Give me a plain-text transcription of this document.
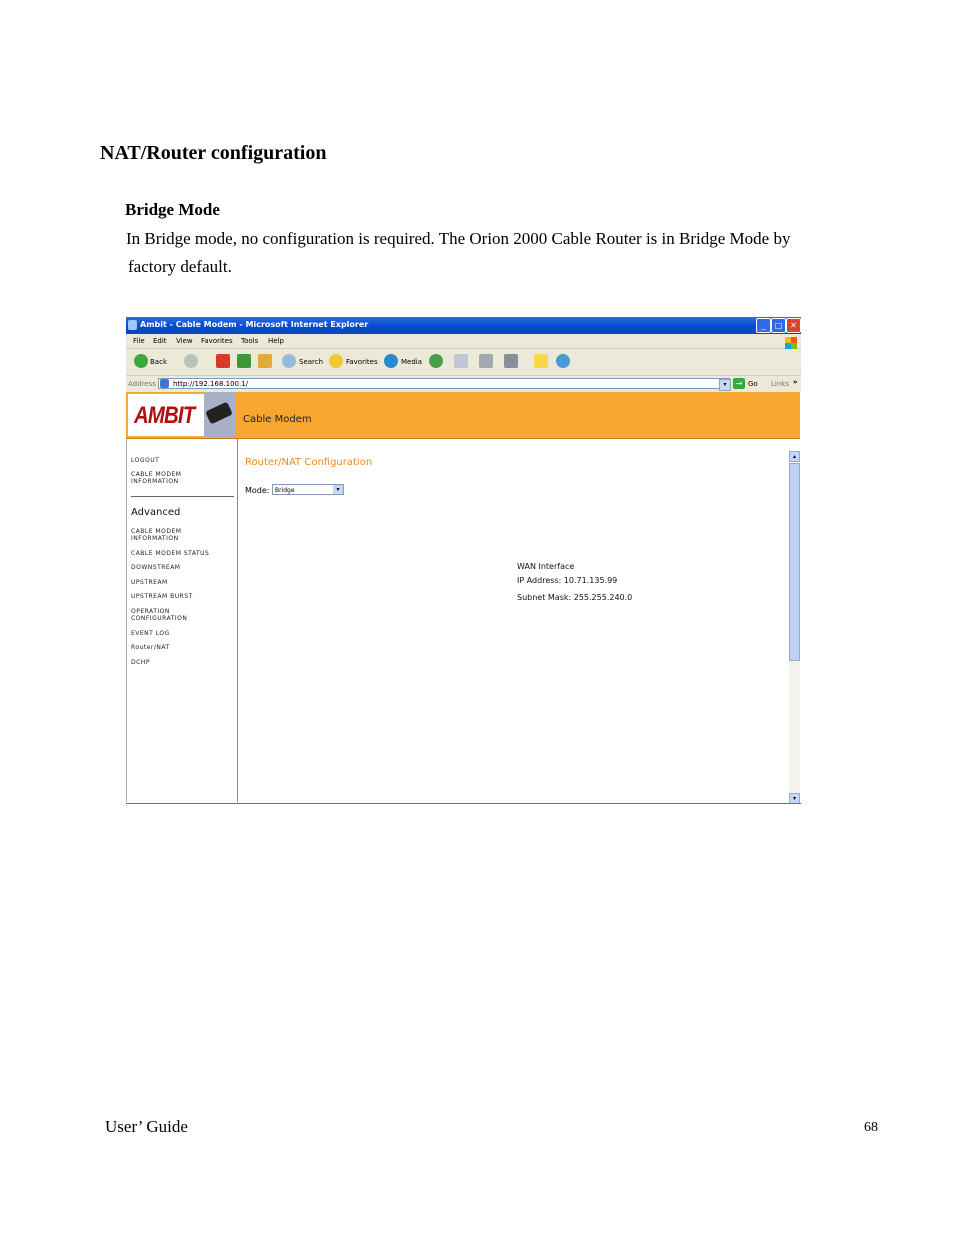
NAT/Router configuration
Bridge Mode
In Bridge mode, no configuration is required. The Orion 2000 Cable Router is in Bridge Mode by
factory default.
Ambit - Cable Modem - Microsoft Internet Explorer	_	□ ✕
File Edit View Favorites Tools Help
Back	Search	Favorites	Media
Address	http://192.168.100.1/	▾	→ Go Links »
AMBIT	Cable Modem
LOGOUT
CABLE MODEM
INFORMATION
Advanced
CABLE MODEM
INFORMATION
CABLE MODEM STATUS
DOWNSTREAM
UPSTREAM
UPSTREAM BURST
OPERATION
CONFIGURATION
EVENT LOG
Router/NAT
DCHP
Router/NAT Configuration
Mode: Bridge	▾
WAN Interface
IP Address: 10.71.135.99
Subnet Mask: 255.255.240.0
▴
▾
User’ Guide	68
